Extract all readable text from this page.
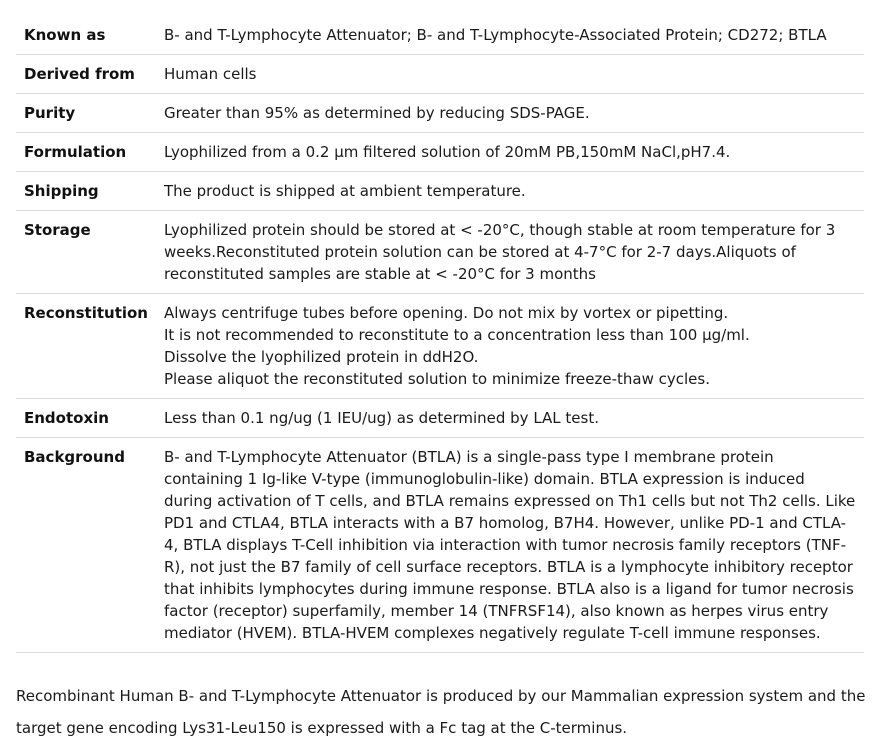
Known as	B- and T-Lymphocyte Attenuator; B- and T-Lymphocyte-Associated Protein; CD272; BTLA

Derived from	Human cells

Purity	Greater than 95% as determined by reducing SDS-PAGE.

Formulation	Lyophilized from a 0.2 μm filtered solution of 20mM PB,150mM NaCl,pH7.4.

Shipping	The product is shipped at ambient temperature.

Storage	Lyophilized protein should be stored at < -20°C, though stable at room temperature for 3 weeks.Reconstituted protein solution can be stored at 4-7°C for 2-7 days.Aliquots of reconstituted samples are stable at < -20°C for 3 months

Reconstitution	Always centrifuge tubes before opening. Do not mix by vortex or pipetting.
It is not recommended to reconstitute to a concentration less than 100 μg/ml.
Dissolve the lyophilized protein in ddH2O.
Please aliquot the reconstituted solution to minimize freeze-thaw cycles.

Endotoxin	Less than 0.1 ng/ug (1 IEU/ug) as determined by LAL test.

Background	B- and T-Lymphocyte Attenuator (BTLA) is a single-pass type I membrane protein containing 1 Ig-like V-type (immunoglobulin-like) domain. BTLA expression is induced during activation of T cells, and BTLA remains expressed on Th1 cells but not Th2 cells. Like PD1 and CTLA4, BTLA interacts with a B7 homolog, B7H4. However, unlike PD-1 and CTLA-4, BTLA displays T-Cell inhibition via interaction with tumor necrosis family receptors (TNF-R), not just the B7 family of cell surface receptors. BTLA is a lymphocyte inhibitory receptor that inhibits lymphocytes during immune response. BTLA also is a ligand for tumor necrosis factor (receptor) superfamily, member 14 (TNFRSF14), also known as herpes virus entry mediator (HVEM). BTLA-HVEM complexes negatively regulate T-cell immune responses.

Recombinant Human B- and T-Lymphocyte Attenuator is produced by our Mammalian expression system and the target gene encoding Lys31-Leu150 is expressed with a Fc tag at the C-terminus.
